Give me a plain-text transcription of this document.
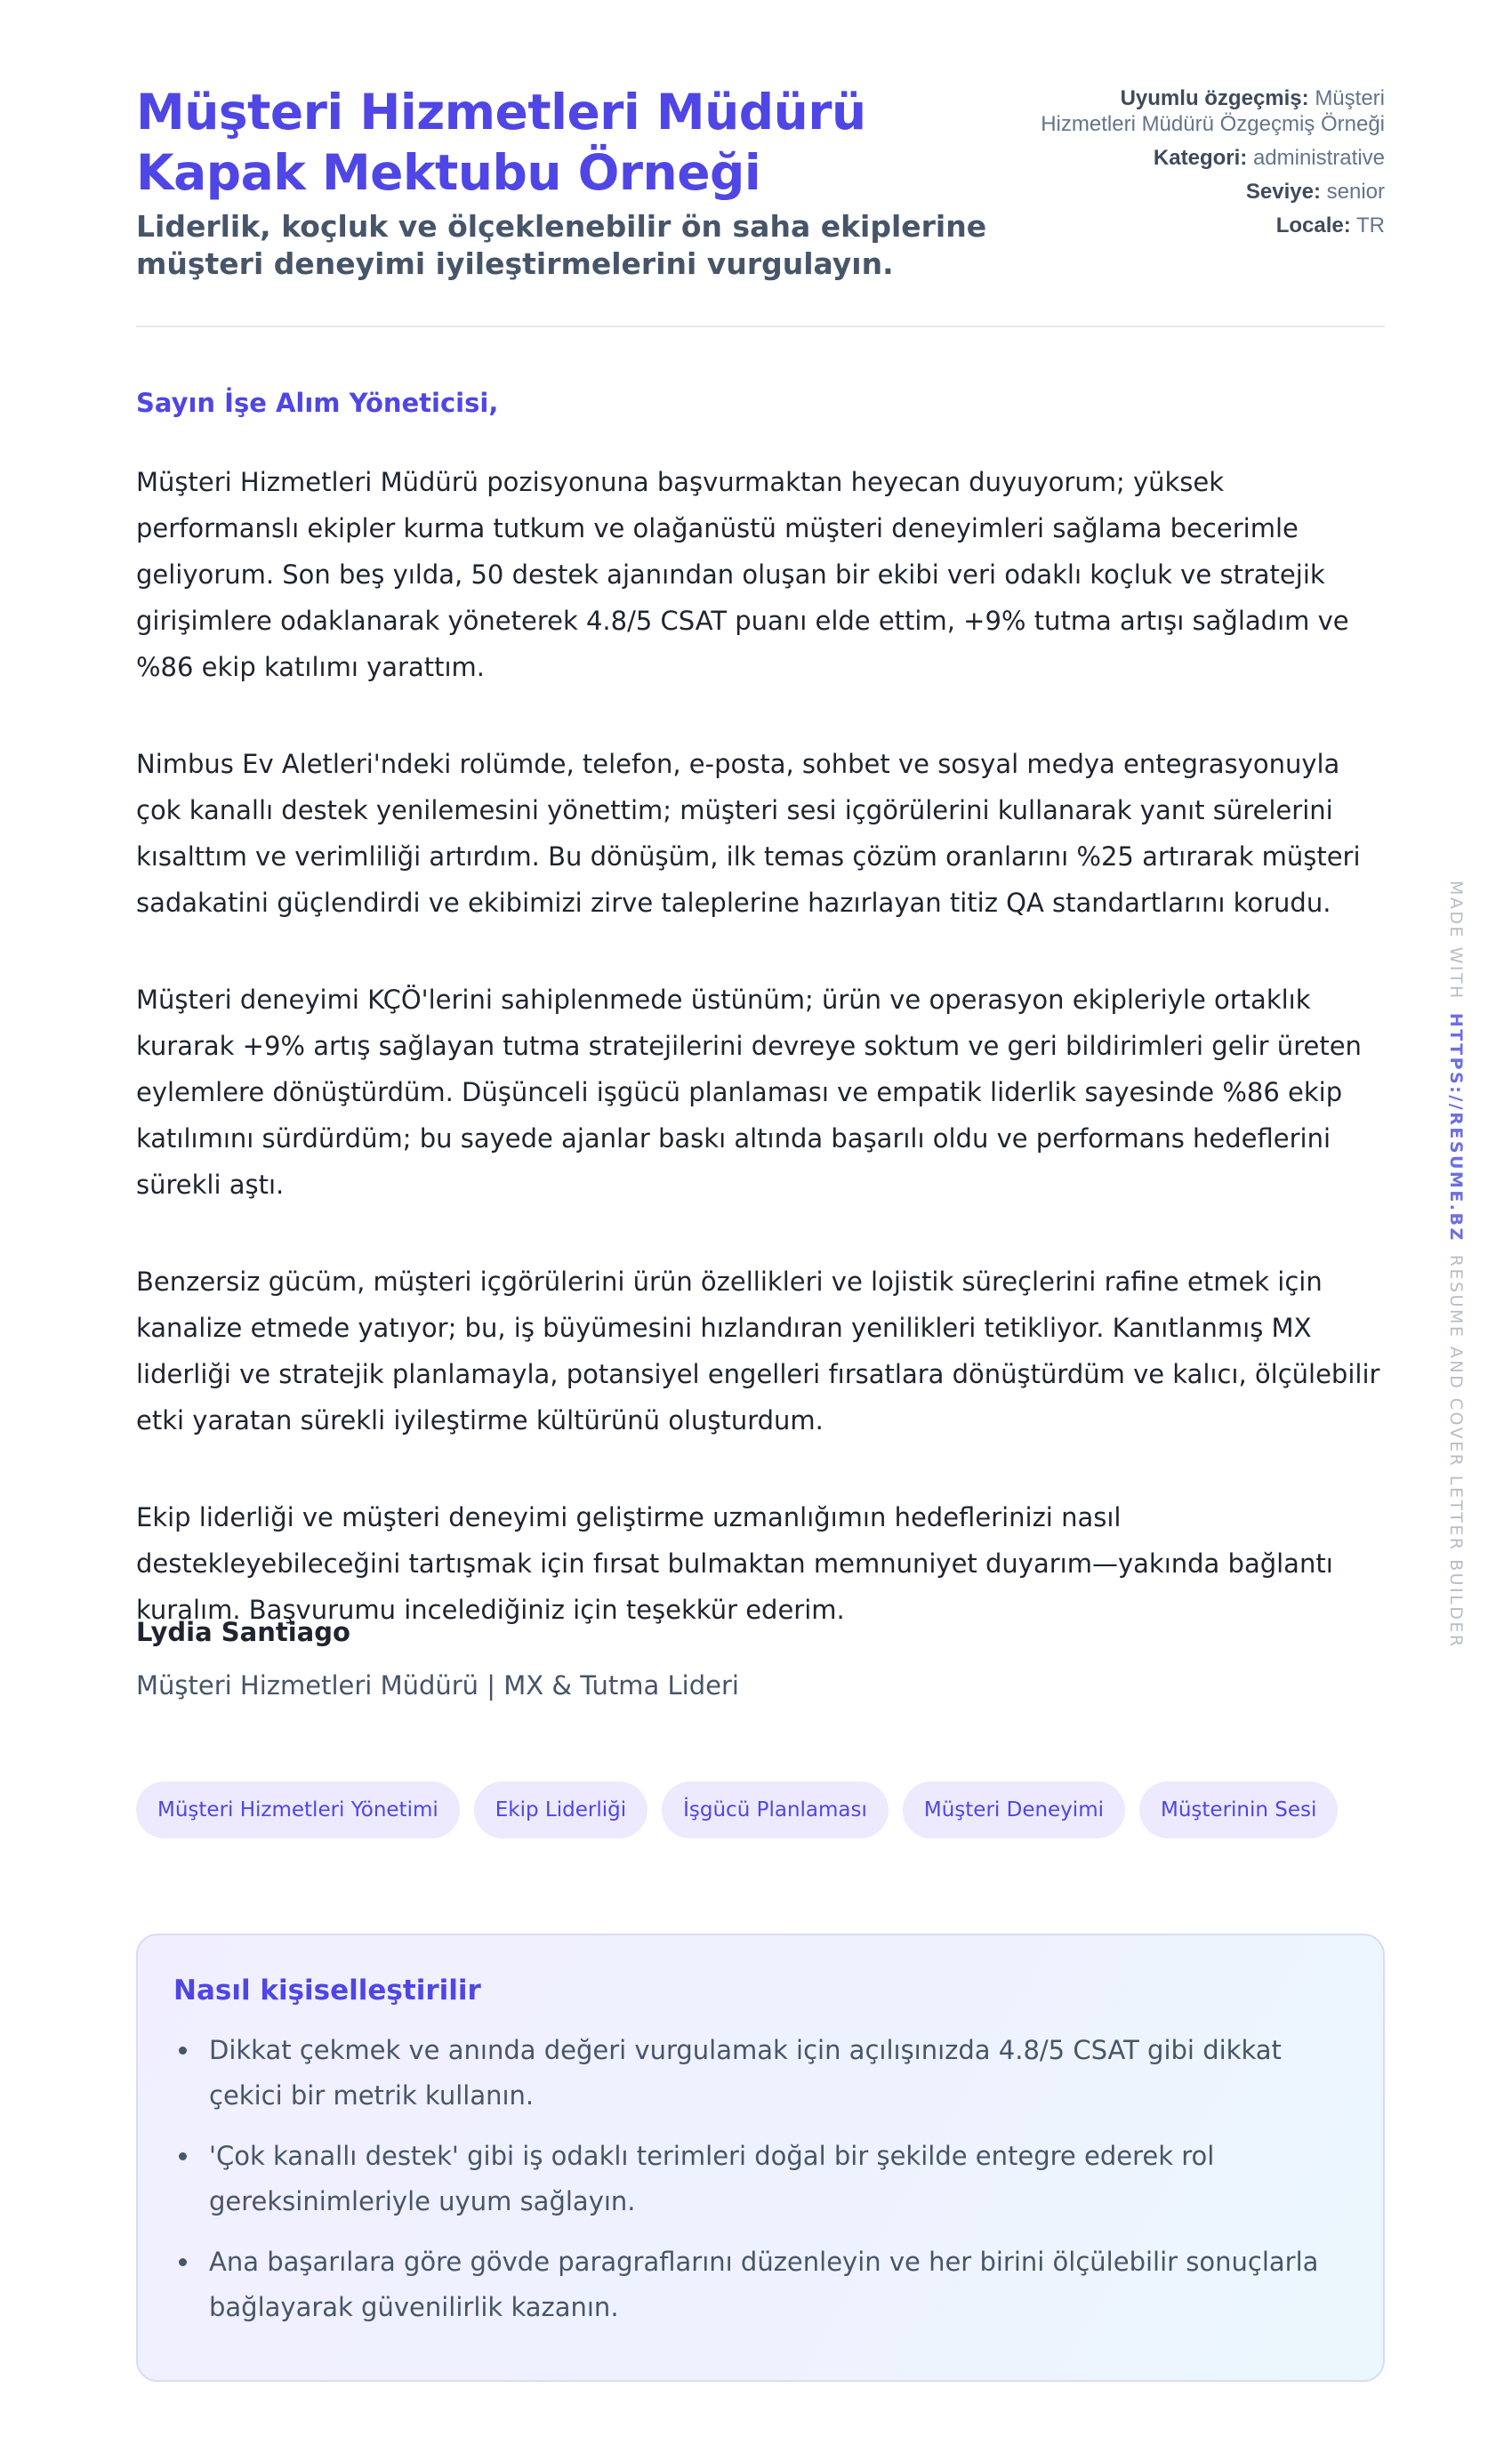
Müşteri Hizmetleri Müdürü Kapak Mektubu Örneği

Liderlik, koçluk ve ölçeklenebilir ön saha ekiplerine müşteri deneyimi iyileştirmelerini vurgulayın.

Uyumlu özgeçmiş: Müşteri Hizmetleri Müdürü Özgeçmiş Örneği
Kategori: administrative
Seviye: senior
Locale: TR

Sayın İşe Alım Yöneticisi,

Müşteri Hizmetleri Müdürü pozisyonuna başvurmaktan heyecan duyuyorum; yüksek performanslı ekipler kurma tutkum ve olağanüstü müşteri deneyimleri sağlama becerimle geliyorum. Son beş yılda, 50 destek ajanından oluşan bir ekibi veri odaklı koçluk ve stratejik girişimlere odaklanarak yöneterek 4.8/5 CSAT puanı elde ettim, +9% tutma artışı sağladım ve %86 ekip katılımı yarattım.

Nimbus Ev Aletleri'ndeki rolümde, telefon, e-posta, sohbet ve sosyal medya entegrasyonuyla çok kanallı destek yenilemesini yönettim; müşteri sesi içgörülerini kullanarak yanıt sürelerini kısalttım ve verimliliği artırdım. Bu dönüşüm, ilk temas çözüm oranlarını %25 artırarak müşteri sadakatini güçlendirdi ve ekibimizi zirve taleplerine hazırlayan titiz QA standartlarını korudu.

Müşteri deneyimi KÇÖ'lerini sahiplenmede üstünüm; ürün ve operasyon ekipleriyle ortaklık kurarak +9% artış sağlayan tutma stratejilerini devreye soktum ve geri bildirimleri gelir üreten eylemlere dönüştürdüm. Düşünceli işgücü planlaması ve empatik liderlik sayesinde %86 ekip katılımını sürdürdüm; bu sayede ajanlar baskı altında başarılı oldu ve performans hedeflerini sürekli aştı.

Benzersiz gücüm, müşteri içgörülerini ürün özellikleri ve lojistik süreçlerini rafine etmek için kanalize etmede yatıyor; bu, iş büyümesini hızlandıran yenilikleri tetikliyor. Kanıtlanmış MX liderliği ve stratejik planlamayla, potansiyel engelleri fırsatlara dönüştürdüm ve kalıcı, ölçülebilir etki yaratan sürekli iyileştirme kültürünü oluşturdum.

Ekip liderliği ve müşteri deneyimi geliştirme uzmanlığımın hedeflerinizi nasıl destekleyebileceğini tartışmak için fırsat bulmaktan memnuniyet duyarım—yakında bağlantı kuralım. Başvurumu incelediğiniz için teşekkür ederim.

Lydia Santiago

Müşteri Hizmetleri Müdürü | MX & Tutma Lideri

Müşteri Hizmetleri Yönetimi	Ekip Liderliği	İşgücü Planlaması	Müşteri Deneyimi	Müşterinin Sesi
Nasıl kişiselleştirilir
Dikkat çekmek ve anında değeri vurgulamak için açılışınızda 4.8/5 CSAT gibi dikkat çekici bir metrik kullanın.
'Çok kanallı destek' gibi iş odaklı terimleri doğal bir şekilde entegre ederek rol gereksinimleriyle uyum sağlayın.
Ana başarılara göre gövde paragraflarını düzenleyin ve her birini ölçülebilir sonuçlarla bağlayarak güvenilirlik kazanın.
MADE WITHHTTPS://RESUME.BZRESUME AND COVER LETTER BUILDER
